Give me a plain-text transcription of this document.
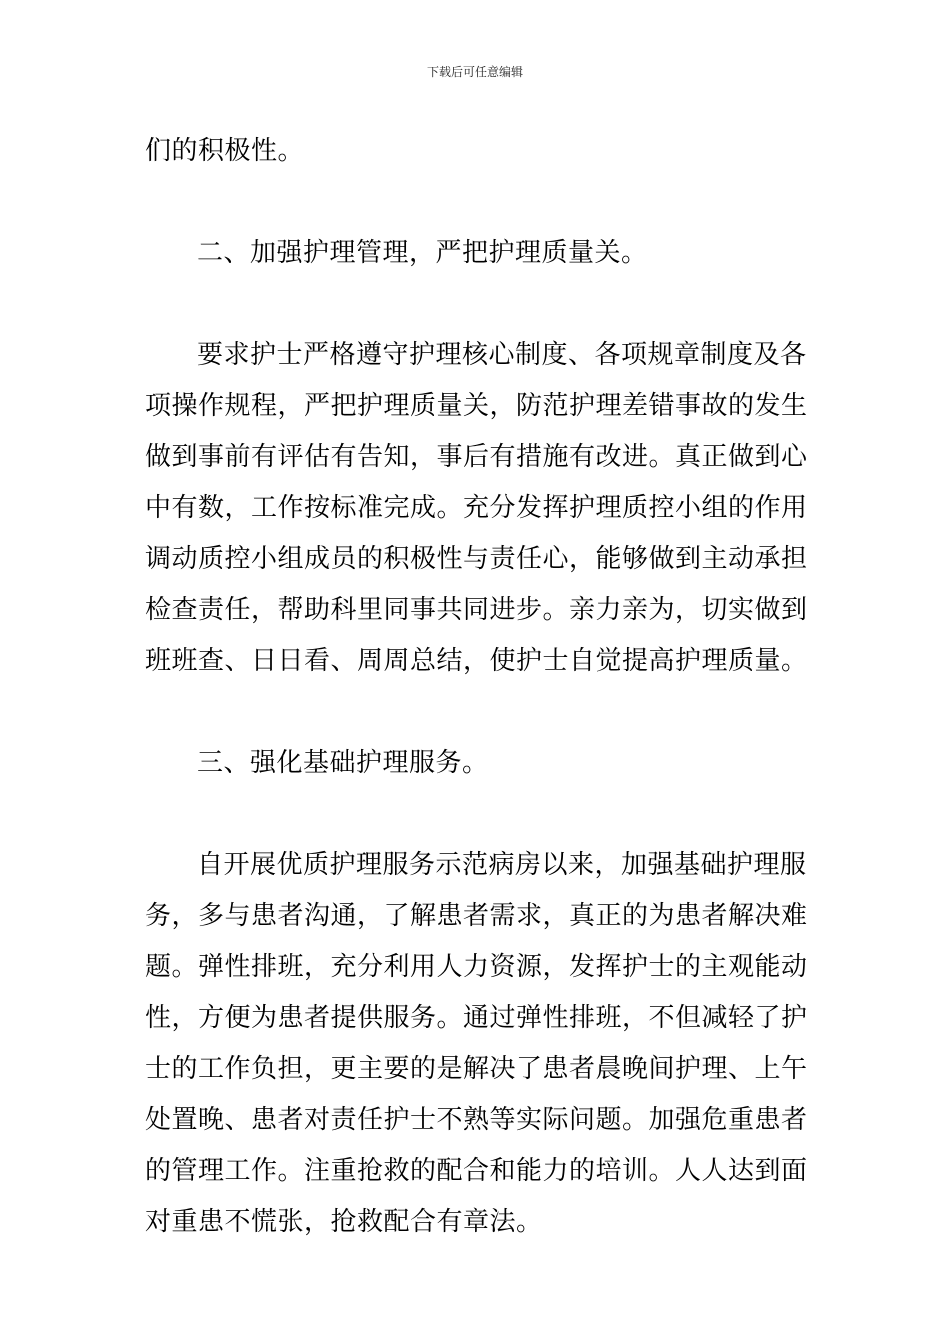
下载后可任意编辑
们的积极性。
二、加强护理管理，严把护理质量关。
要求护士严格遵守护理核心制度、各项规章制度及各
项操作规程，严把护理质量关，防范护理差错事故的发生
做到事前有评估有告知，事后有措施有改进。真正做到心
中有数，工作按标准完成。充分发挥护理质控小组的作用
调动质控小组成员的积极性与责任心，能够做到主动承担
检查责任，帮助科里同事共同进步。亲力亲为，切实做到
班班查、日日看、周周总结，使护士自觉提高护理质量。
三、强化基础护理服务。
自开展优质护理服务示范病房以来，加强基础护理服
务，多与患者沟通，了解患者需求，真正的为患者解决难
题。弹性排班，充分利用人力资源，发挥护士的主观能动
性，方便为患者提供服务。通过弹性排班，不但减轻了护
士的工作负担，更主要的是解决了患者晨晚间护理、上午
处置晚、患者对责任护士不熟等实际问题。加强危重患者
的管理工作。注重抢救的配合和能力的培训。人人达到面
对重患不慌张，抢救配合有章法。
